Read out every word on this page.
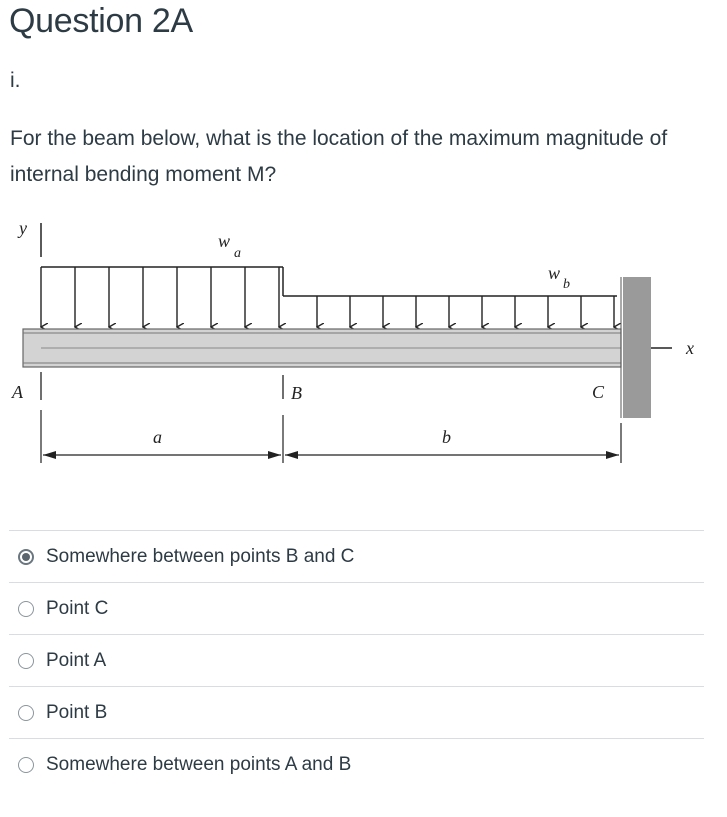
Question 2A
i.
For the beam below, what is the location of the maximum magnitude of internal bending moment M?
y
w
a
w
b
x
A	B	C
a	b
Somewhere between points B and C
Point C
Point A
Point B
Somewhere between points A and B
